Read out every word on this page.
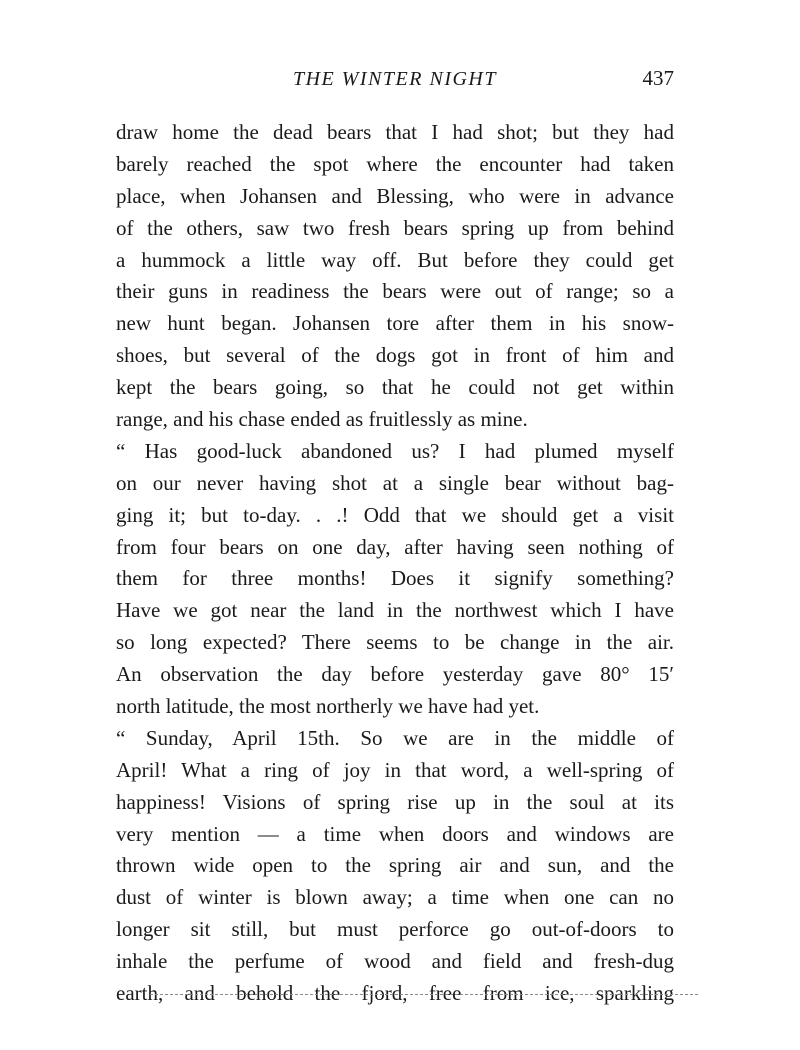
THE WINTER NIGHT	437
draw home the dead bears that I had shot; but they had
barely reached the spot where the encounter had taken
place, when Johansen and Blessing, who were in advance
of the others, saw two fresh bears spring up from behind
a hummock a little way off. But before they could get
their guns in readiness the bears were out of range; so a
new hunt began. Johansen tore after them in his snow-
shoes, but several of the dogs got in front of him and
kept the bears going, so that he could not get within
range, and his chase ended as fruitlessly as mine.
“ Has good-luck abandoned us? I had plumed myself
on our never having shot at a single bear without bag-
ging it; but to-day. . .! Odd that we should get a visit
from four bears on one day, after having seen nothing of
them for three months! Does it signify something?
Have we got near the land in the northwest which I have
so long expected? There seems to be change in the air.
An observation the day before yesterday gave 80° 15′
north latitude, the most northerly we have had yet.
“ Sunday, April 15th. So we are in the middle of
April! What a ring of joy in that word, a well-spring of
happiness! Visions of spring rise up in the soul at its
very mention — a time when doors and windows are
thrown wide open to the spring air and sun, and the
dust of winter is blown away; a time when one can no
longer sit still, but must perforce go out-of-doors to
inhale the perfume of wood and field and fresh-dug
earth, and behold the fjord, free from ice, sparkling
